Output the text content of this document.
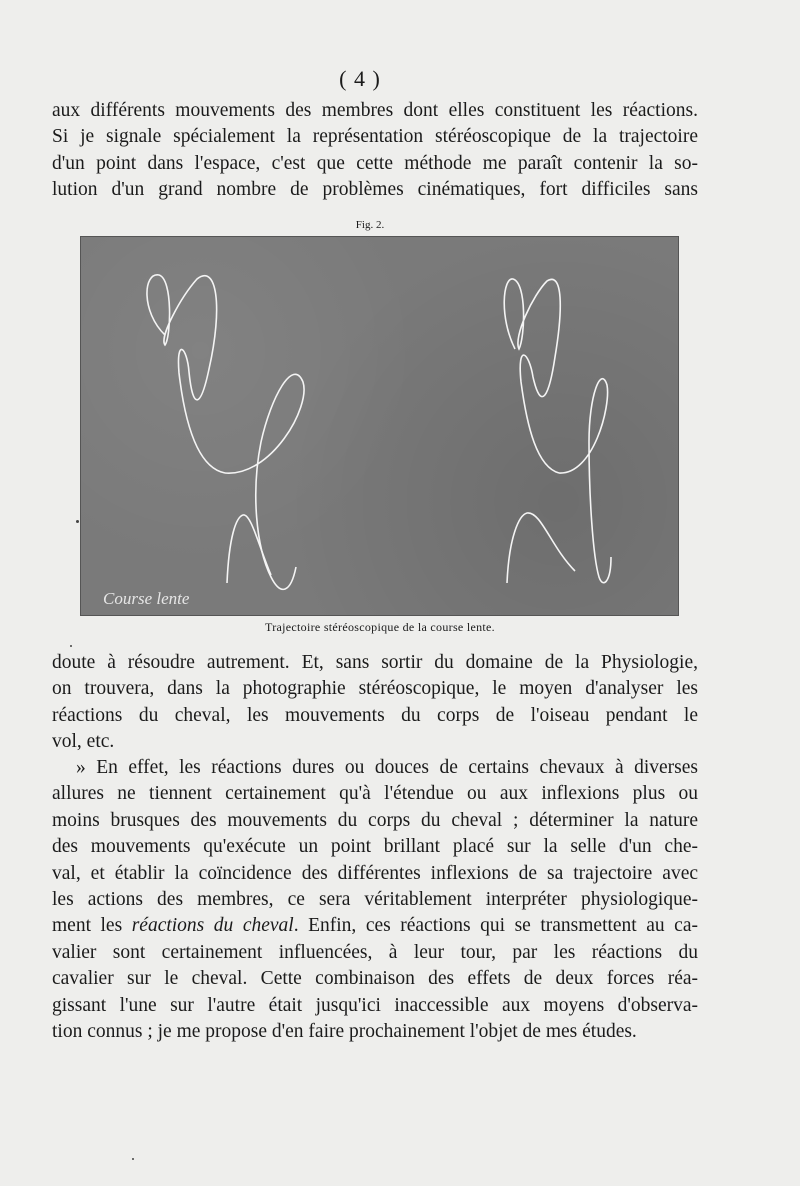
( 4 )
aux différents mouvements des membres dont elles constituent les réactions.
Si je signale spécialement la représentation stéréoscopique de la trajectoire
d'un point dans l'espace, c'est que cette méthode me paraît contenir la so-
lution d'un grand nombre de problèmes cinématiques, fort difficiles sans
Fig. 2.
Course lente
Trajectoire stéréoscopique de la course lente.
doute à résoudre autrement. Et, sans sortir du domaine de la Physiologie,
on trouvera, dans la photographie stéréoscopique, le moyen d'analyser les
réactions du cheval, les mouvements du corps de l'oiseau pendant le
vol, etc.
» En effet, les réactions dures ou douces de certains chevaux à diverses
allures ne tiennent certainement qu'à l'étendue ou aux inflexions plus ou
moins brusques des mouvements du corps du cheval ; déterminer la nature
des mouvements qu'exécute un point brillant placé sur la selle d'un che-
val, et établir la coïncidence des différentes inflexions de sa trajectoire avec
les actions des membres, ce sera véritablement interpréter physiologique-
ment les réactions du cheval. Enfin, ces réactions qui se transmettent au ca-
valier sont certainement influencées, à leur tour, par les réactions du
cavalier sur le cheval. Cette combinaison des effets de deux forces réa-
gissant l'une sur l'autre était jusqu'ici inaccessible aux moyens d'observa-
tion connus ; je me propose d'en faire prochainement l'objet de mes études.
